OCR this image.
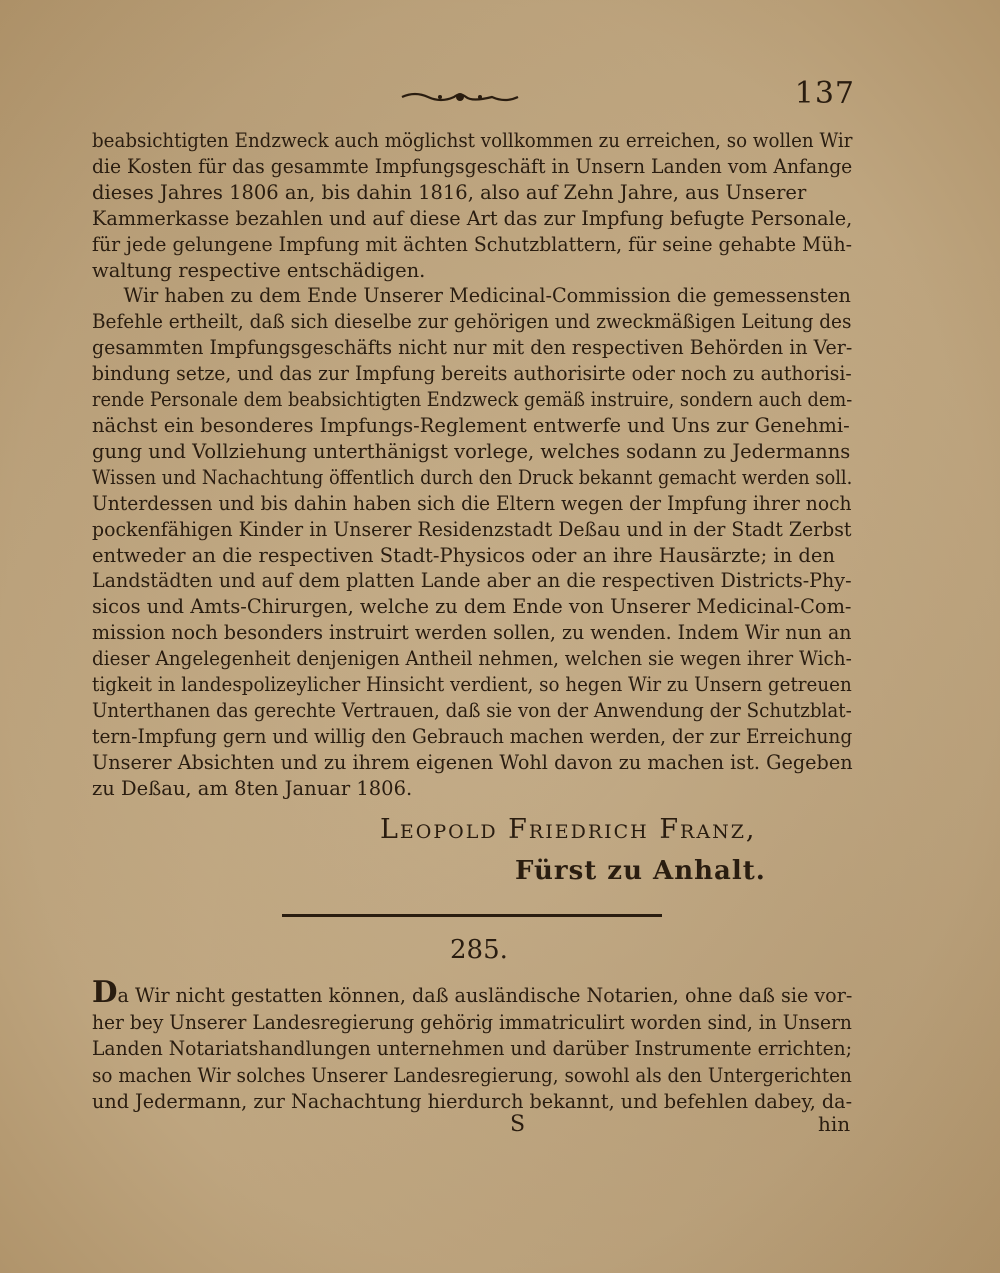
137
beabsichtigten Endzweck auch möglichst vollkommen zu erreichen, so wollen Wir
die Kosten für das gesammte Impfungsgeschäft in Unsern Landen vom Anfange
dieses Jahres 1806 an, bis dahin 1816, also auf Zehn Jahre, aus Unserer
Kammerkasse bezahlen und auf diese Art das zur Impfung befugte Personale,
für jede gelungene Impfung mit ächten Schutzblattern, für seine gehabte Müh-
waltung respective entschädigen.
Wir haben zu dem Ende Unserer Medicinal-Commission die gemessensten
Befehle ertheilt, daß sich dieselbe zur gehörigen und zweckmäßigen Leitung des
gesammten Impfungsgeschäfts nicht nur mit den respectiven Behörden in Ver-
bindung setze, und das zur Impfung bereits authorisirte oder noch zu authorisi-
rende Personale dem beabsichtigten Endzweck gemäß instruire, sondern auch dem-
nächst ein besonderes Impfungs-Reglement entwerfe und Uns zur Genehmi-
gung und Vollziehung unterthänigst vorlege, welches sodann zu Jedermanns
Wissen und Nachachtung öffentlich durch den Druck bekannt gemacht werden soll.
Unterdessen und bis dahin haben sich die Eltern wegen der Impfung ihrer noch
pockenfähigen Kinder in Unserer Residenzstadt Deßau und in der Stadt Zerbst
entweder an die respectiven Stadt-Physicos oder an ihre Hausärzte; in den
Landstädten und auf dem platten Lande aber an die respectiven Districts-Phy-
sicos und Amts-Chirurgen, welche zu dem Ende von Unserer Medicinal-Com-
mission noch besonders instruirt werden sollen, zu wenden. Indem Wir nun an
dieser Angelegenheit denjenigen Antheil nehmen, welchen sie wegen ihrer Wich-
tigkeit in landespolizeylicher Hinsicht verdient, so hegen Wir zu Unsern getreuen
Unterthanen das gerechte Vertrauen, daß sie von der Anwendung der Schutzblat-
tern-Impfung gern und willig den Gebrauch machen werden, der zur Erreichung
Unserer Absichten und zu ihrem eigenen Wohl davon zu machen ist. Gegeben
zu Deßau, am 8ten Januar 1806.
Leopold Friedrich Franz,
Fürst zu Anhalt.
285.
Da Wir nicht gestatten können, daß ausländische Notarien, ohne daß sie vor-
her bey Unserer Landesregierung gehörig immatriculirt worden sind, in Unsern
Landen Notariatshandlungen unternehmen und darüber Instrumente errichten;
so machen Wir solches Unserer Landesregierung, sowohl als den Untergerichten
und Jedermann, zur Nachachtung hierdurch bekannt, und befehlen dabey, da-
S	hin
